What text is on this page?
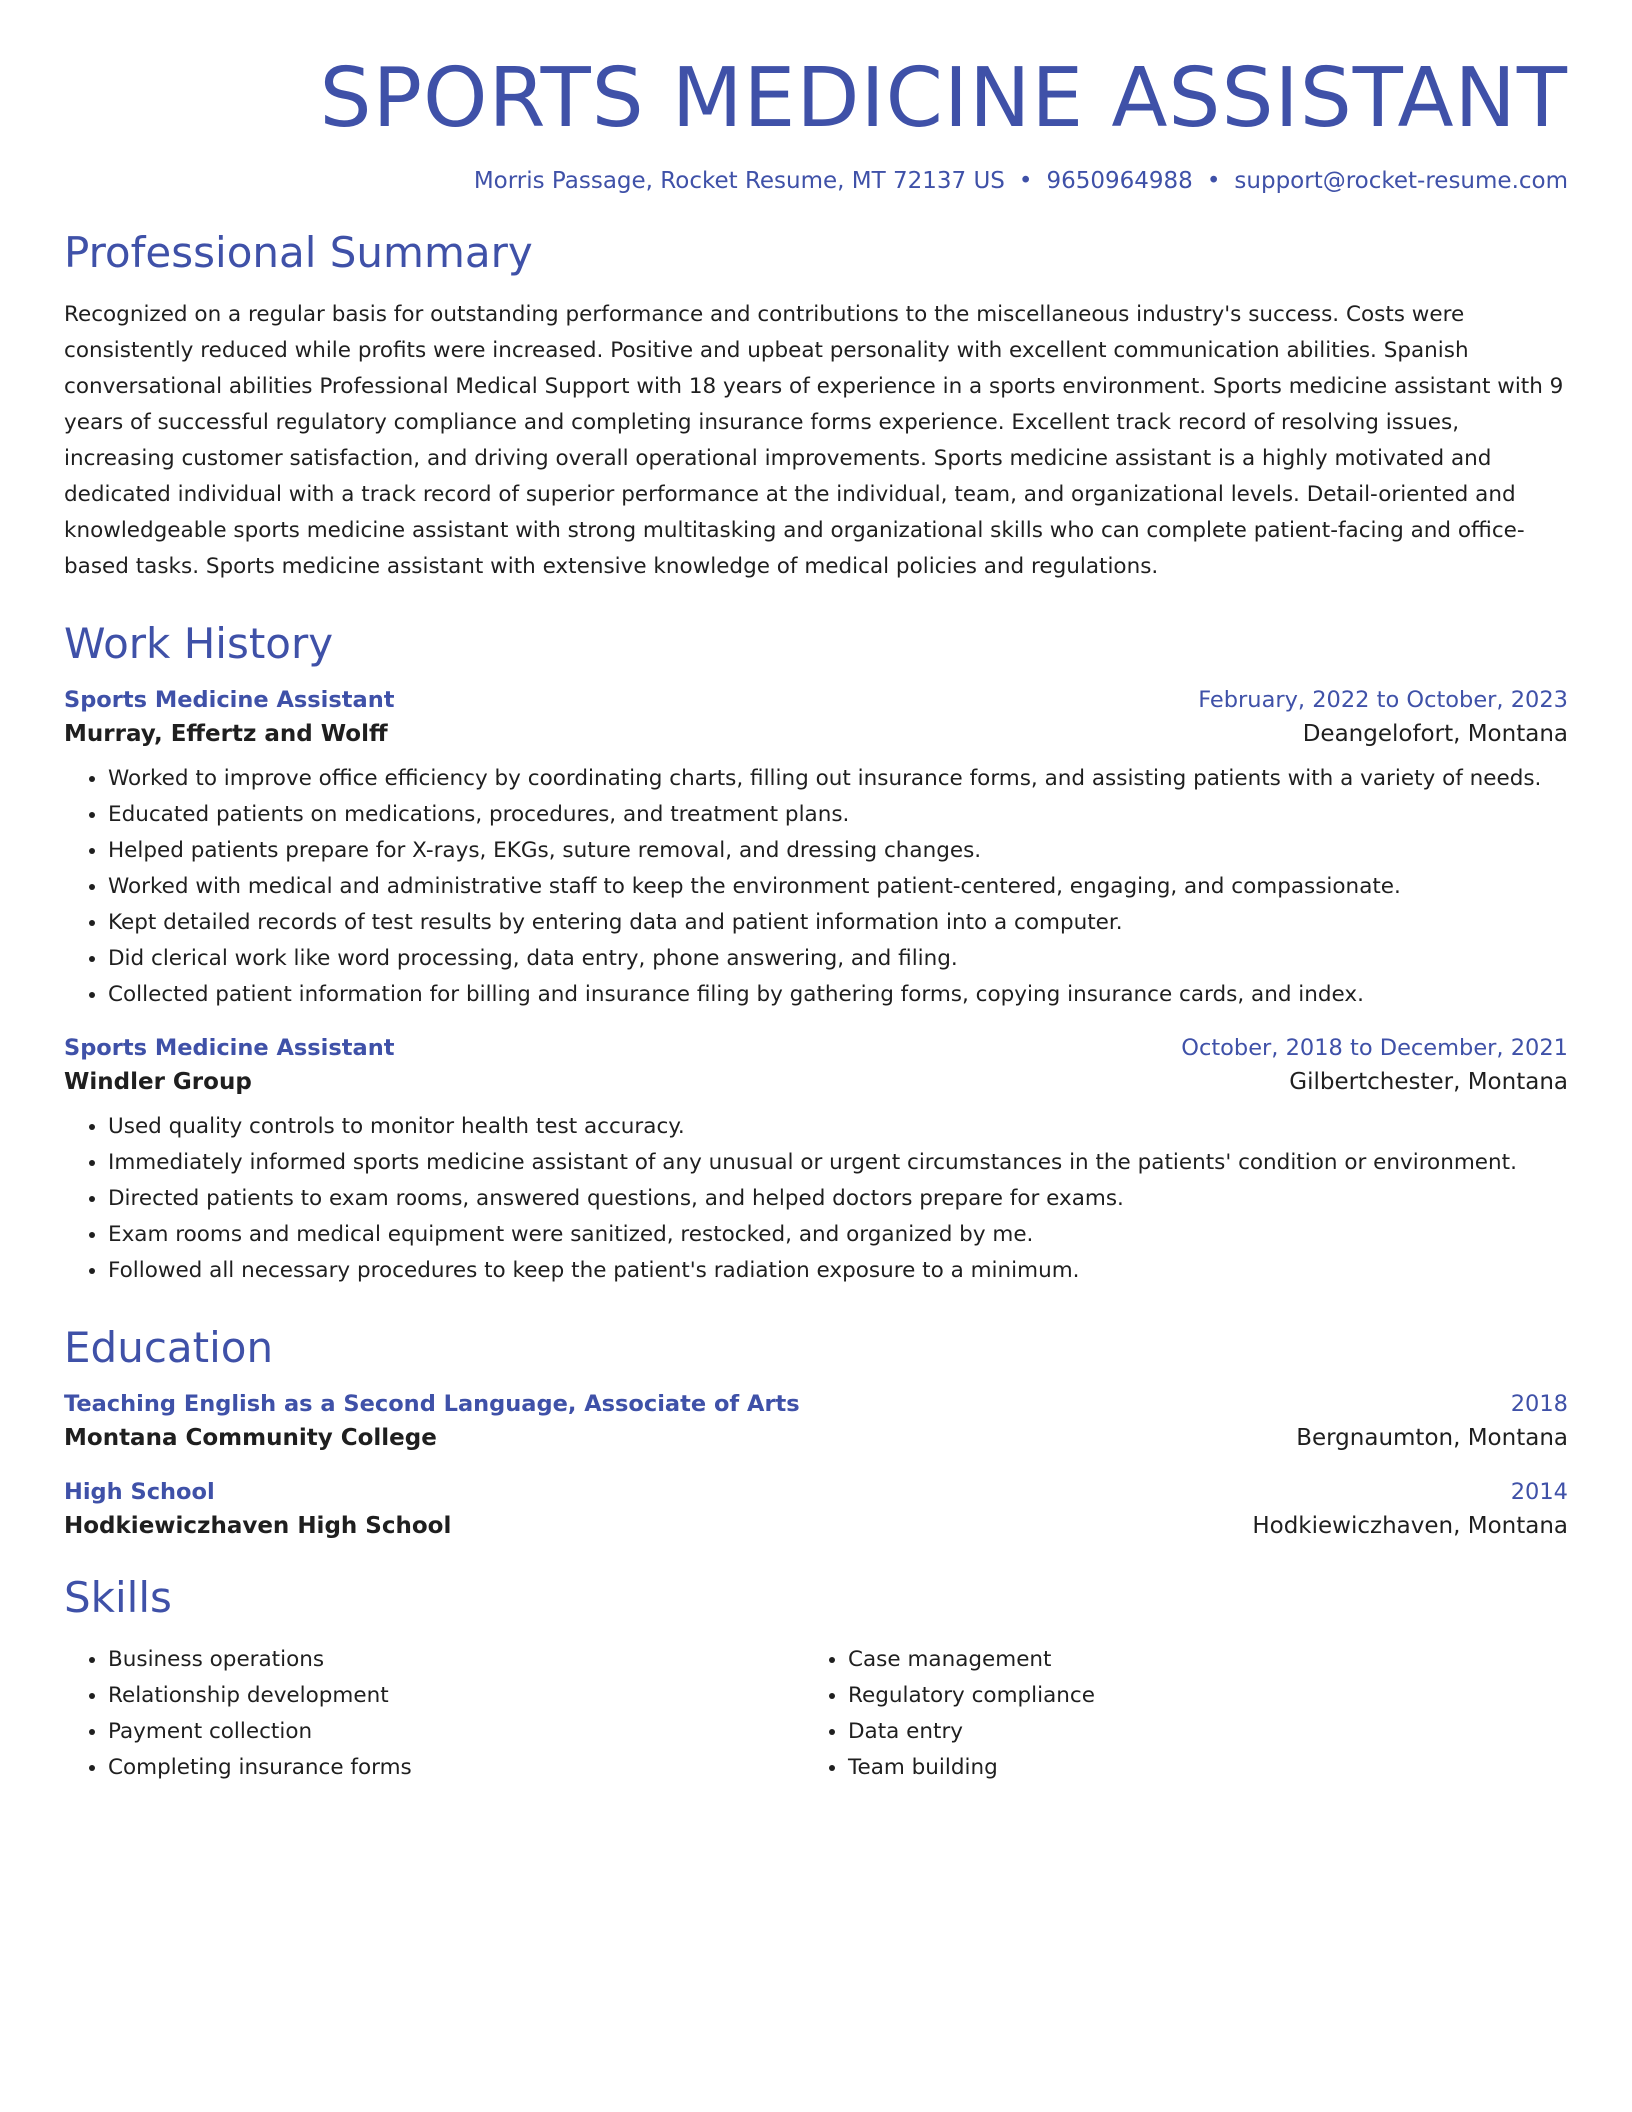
SPORTS MEDICINE ASSISTANT
Morris Passage, Rocket Resume, MT 72137 US • 9650964988 • support@rocket-resume.com
Professional Summary

Recognized on a regular basis for outstanding performance and contributions to the miscellaneous industry's success. Costs were consistently reduced while profits were increased. Positive and upbeat personality with excellent communication abilities. Spanish conversational abilities Professional Medical Support with 18 years of experience in a sports environment. Sports medicine assistant with 9 years of successful regulatory compliance and completing insurance forms experience. Excellent track record of resolving issues, increasing customer satisfaction, and driving overall operational improvements. Sports medicine assistant is a highly motivated and dedicated individual with a track record of superior performance at the individual, team, and organizational levels. Detail-oriented and knowledgeable sports medicine assistant with strong multitasking and organizational skills who can complete patient-facing and office-based tasks. Sports medicine assistant with extensive knowledge of medical policies and regulations.

Work History
Sports Medicine Assistant	February, 2022 to October, 2023
Murray, Effertz and Wolff	Deangelofort, Montana
• Worked to improve office efficiency by coordinating charts, filling out insurance forms, and assisting patients with a variety of needs.
• Educated patients on medications, procedures, and treatment plans.
• Helped patients prepare for X-rays, EKGs, suture removal, and dressing changes.
• Worked with medical and administrative staff to keep the environment patient-centered, engaging, and compassionate.
• Kept detailed records of test results by entering data and patient information into a computer.
• Did clerical work like word processing, data entry, phone answering, and filing.
• Collected patient information for billing and insurance filing by gathering forms, copying insurance cards, and index.
Sports Medicine Assistant	October, 2018 to December, 2021
Windler Group	Gilbertchester, Montana
• Used quality controls to monitor health test accuracy.
• Immediately informed sports medicine assistant of any unusual or urgent circumstances in the patients' condition or environment.
• Directed patients to exam rooms, answered questions, and helped doctors prepare for exams.
• Exam rooms and medical equipment were sanitized, restocked, and organized by me.
• Followed all necessary procedures to keep the patient's radiation exposure to a minimum.
Education
Teaching English as a Second Language, Associate of Arts	2018
Montana Community College	Bergnaumton, Montana
High School	2014
Hodkiewiczhaven High School	Hodkiewiczhaven, Montana
Skills
• Business operations
• Relationship development
• Payment collection
• Completing insurance forms
• Case management
• Regulatory compliance
• Data entry
• Team building
